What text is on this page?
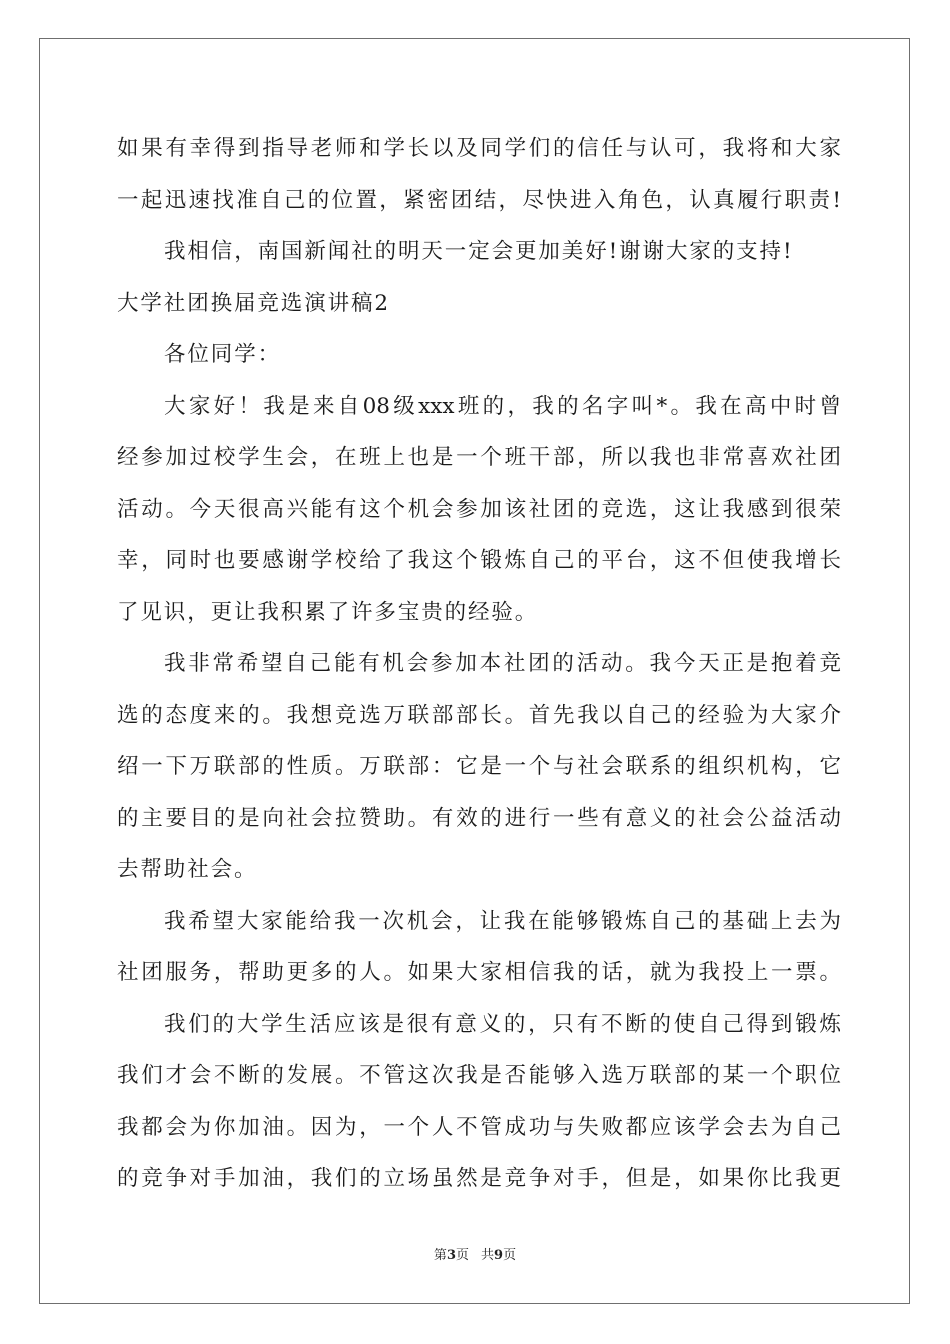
如果有幸得到指导老师和学长以及同学们的信任与认可，我将和大家
一起迅速找准自己的位置，紧密团结，尽快进入角色，认真履行职责!
我相信，南国新闻社的明天一定会更加美好!谢谢大家的支持!
大学社团换届竞选演讲稿2
各位同学：
大家好！我是来自08级xxx班的，我的名字叫*。我在高中时曾
经参加过校学生会，在班上也是一个班干部，所以我也非常喜欢社团
活动。今天很高兴能有这个机会参加该社团的竞选，这让我感到很荣
幸，同时也要感谢学校给了我这个锻炼自己的平台，这不但使我增长
了见识，更让我积累了许多宝贵的经验。
我非常希望自己能有机会参加本社团的活动。我今天正是抱着竞
选的态度来的。我想竞选万联部部长。首先我以自己的经验为大家介
绍一下万联部的性质。万联部：它是一个与社会联系的组织机构，它
的主要目的是向社会拉赞助。有效的进行一些有意义的社会公益活动
去帮助社会。
我希望大家能给我一次机会，让我在能够锻炼自己的基础上去为
社团服务，帮助更多的人。如果大家相信我的话，就为我投上一票。
我们的大学生活应该是很有意义的，只有不断的使自己得到锻炼
我们才会不断的发展。不管这次我是否能够入选万联部的某一个职位
我都会为你加油。因为，一个人不管成功与失败都应该学会去为自己
的竞争对手加油，我们的立场虽然是竞争对手，但是，如果你比我更
第3页 共9页
